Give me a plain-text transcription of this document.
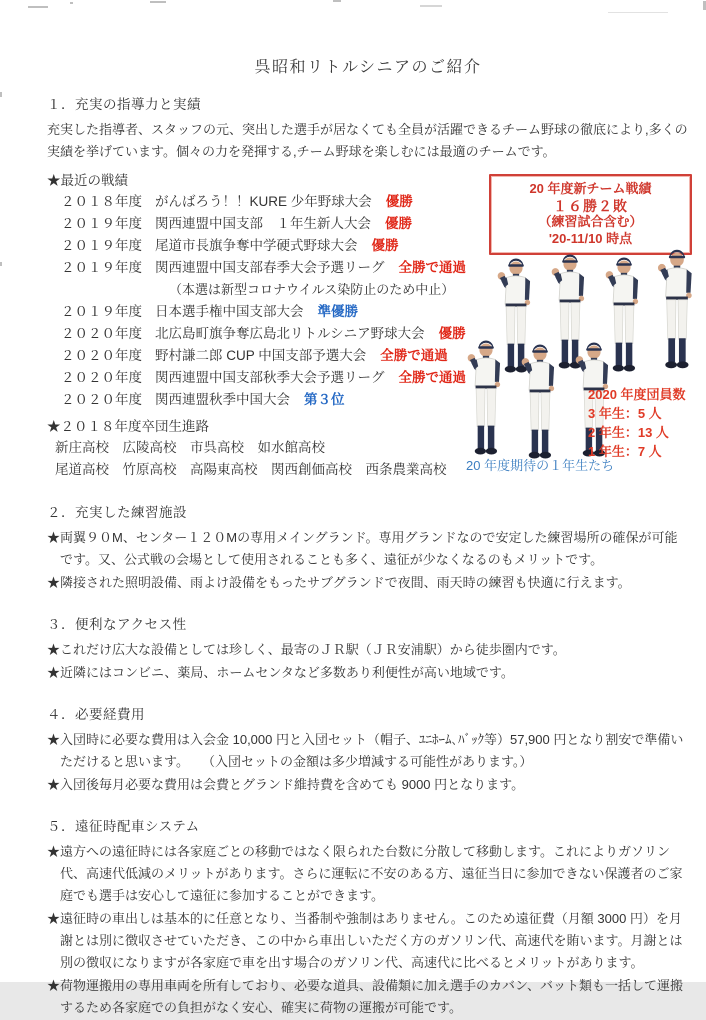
呉昭和リトルシニアのご紹介
１．充実の指導力と実績

充実した指導者、スタッフの元、突出した選手が居なくても全員が活躍できるチーム野球の徹底により,多くの実績を挙げています。個々の力を発揮する,チーム野球を楽しむには最適のチームです。

★最近の戦績
２０１８年度 がんばろう！！KURE 少年野球大会 優勝
２０１９年度 関西連盟中国支部　１年生新人大会 優勝
２０１９年度 尾道市長旗争奪中学硬式野球大会 優勝
２０１９年度 関西連盟中国支部春季大会予選リーグ 全勝で通過
（本選は新型コロナウイルス染防止のため中止）
２０１９年度 日本選手権中国支部大会 準優勝
２０２０年度 北広島町旗争奪広島北リトルシニア野球大会 優勝
２０２０年度 野村謙二郎 CUP 中国支部予選大会 全勝で通過
２０２０年度 関西連盟中国支部秋季大会予選リーグ 全勝で通過
２０２０年度 関西連盟秋季中国大会 第３位
★２０１８年度卒団生進路
新庄高校　広陵高校　市呉高校　如水館高校
尾道高校　竹原高校　高陽東高校　関西創価高校　西条農業高校
２．充実した練習施設

★両翼９０M、センター１２０Mの専用メイングランド。専用グランドなので安定した練習場所の確保が可能です。又、公式戦の会場として使用されることも多く、遠征が少なくなるのもメリットです。

★隣接された照明設備、雨よけ設備をもったサブグランドで夜間、雨天時の練習も快適に行えます。

３．便利なアクセス性

★これだけ広大な設備としては珍しく、最寄のＪＲ駅（ＪＲ安浦駅）から徒歩圏内です。

★近隣にはコンビニ、薬局、ホームセンタなど多数あり利便性が高い地域です。

４．必要経費用

★入団時に必要な費用は入会金 10,000 円と入団セット（帽子、ﾕﾆﾎｰﾑ､ﾊﾞｯｸ等）57,900 円となり割安で準備いただけると思います。　　（入団セットの金額は多少増減する可能性があります。）

★入団後毎月必要な費用は会費とグランド維持費を含めても 9000 円となります。

５．遠征時配車システム

★遠方への遠征時には各家庭ごとの移動ではなく限られた台数に分散して移動します。これによりガソリン代、高速代低減のメリットがあります。さらに運転に不安のある方、遠征当日に参加できない保護者のご家庭でも選手は安心して遠征に参加することができます。

★遠征時の車出しは基本的に任意となり、当番制や強制はありません。このため遠征費（月額 3000 円）を月謝とは別に徴収させていただき、この中から車出しいただく方のガソリン代、高速代を賄います。月謝とは別の徴収になりますが各家庭で車を出す場合のガソリン代、高速代に比べるとメリットがあります。

★荷物運搬用の専用車両を所有しており、必要な道具、設備類に加え選手のカバン、バット類も一括して運搬するため各家庭での負担がなく安心、確実に荷物の運搬が可能です。

20 年度新チーム戦績
１６勝２敗
（練習試合含む）
'20-11/10 時点
2020 年度団員数
3 年生：5 人
2 年生：13 人
1 年生：7 人
20 年度期待の１年生たち
